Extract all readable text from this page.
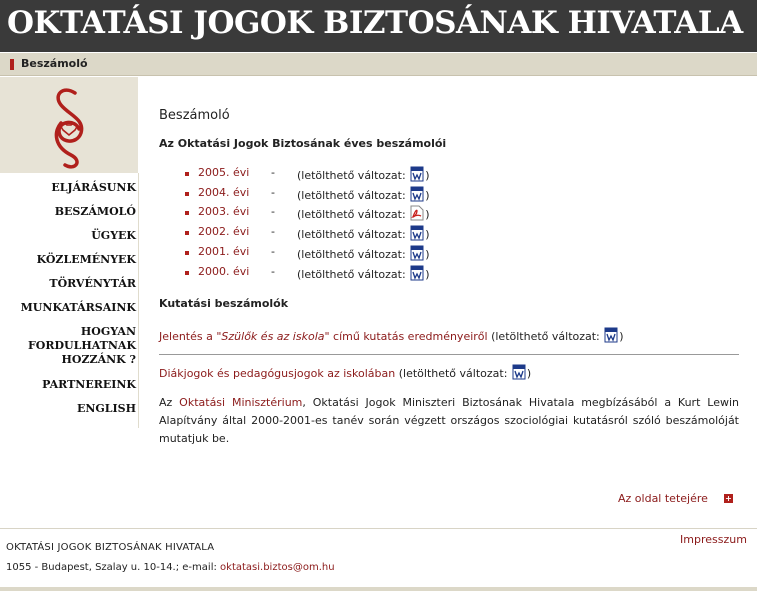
OKTATÁSI JOGOK BIZTOSÁNAK HIVATALA
Beszámoló
ELJÁRÁSUNK
BESZÁMOLÓ
ÜGYEK
KÖZLEMÉNYEK
TÖRVÉNYTÁR
MUNKATÁRSAINK
HOGYAN
FORDULHATNAK
HOZZÁNK ?
PARTNEREINK
ENGLISH
Beszámoló
Az Oktatási Jogok Biztosának éves beszámolói
2005. évi - (letölthető változat: )
2004. évi - (letölthető változat: )
2003. évi - (letölthető változat: )
2002. évi - (letölthető változat: )
2001. évi - (letölthető változat: )
2000. évi - (letölthető változat: )
Kutatási beszámolók
Jelentés a "Szülők és az iskola" című kutatás eredményeiről (letölthető változat: )
Diákjogok és pedagógusjogok az iskolában (letölthető változat: )
Az Oktatási Minisztérium, Oktatási Jogok Miniszteri Biztosának Hivatala megbízásából a Kurt Lewin Alapítvány által 2000-2001-es tanév során végzett országos szociológiai kutatásról szóló beszámolóját mutatjuk be.
Az oldal tetejére +
Impresszum
OKTATÁSI JOGOK BIZTOSÁNAK HIVATALA
1055 - Budapest, Szalay u. 10-14.; e-mail: oktatasi.biztos@om.hu
